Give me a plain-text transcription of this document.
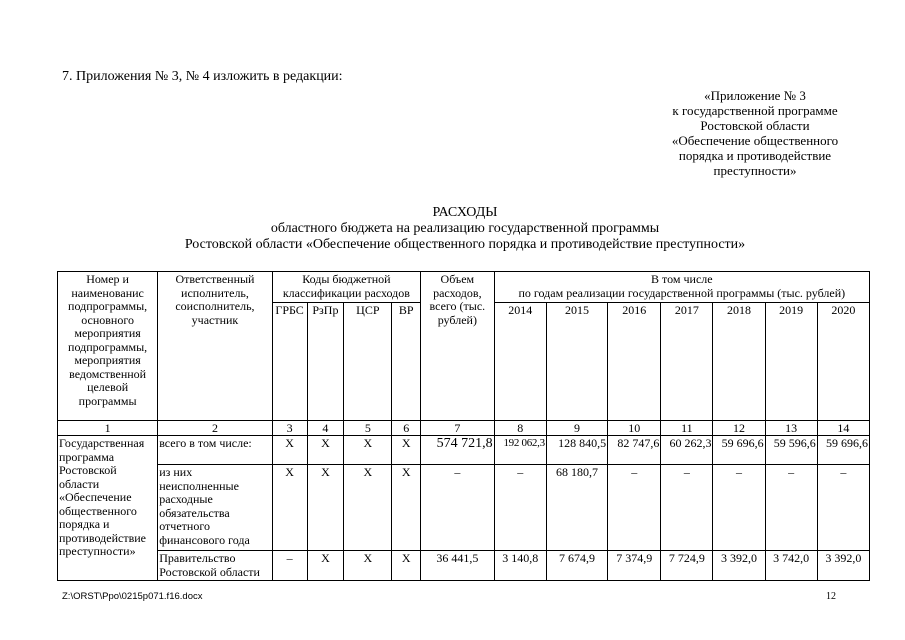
7. Приложения № 3, № 4 изложить в редакции:
«Приложение № 3
к государственной программе
Ростовской области
«Обеспечение общественного
порядка и противодействие
преступности»
РАСХОДЫ
областного бюджета на реализацию государственной программы
Ростовской области «Обеспечение общественного порядка и противодействие преступности»
Номер и наименованис подпрограммы, основного мероприятия подпрограммы, мероприятия ведомственной целевой программы	Ответственный исполнитель, соисполнитель, участник	Коды бюджетной классификации расходов				Объем расходов, всего (тыс. рублей)	В том числе
по годам реализации государственной программы (тыс. рублей)						

		ГРБС	РзПр	ЦСР	ВР		2014	2015	2016	2017	2018	2019	2020
1	2	3	4	5	6	7	8	9	10	11	12	13	14
Государственная программа Ростовской области «Обеспечение общественного порядка и противодействие преступности»	всего в том числе:	X	X	X	X	574 721,8	192 062,3	128 840,5	82 747,6	60 262,3	59 696,6	59 596,6	59 696,6
	из них неисполненные расходные обязательства отчетного финансового года	X	X	X	X	–	–	68 180,7	–	–	–	–	–
	Правительство Ростовской области	–	X	X	X	36 441,5	3 140,8	7 674,9	7 374,9	7 724,9	3 392,0	3 742,0	3 392,0
Z:\ORST\Ppo\0215p071.f16.docx	12
